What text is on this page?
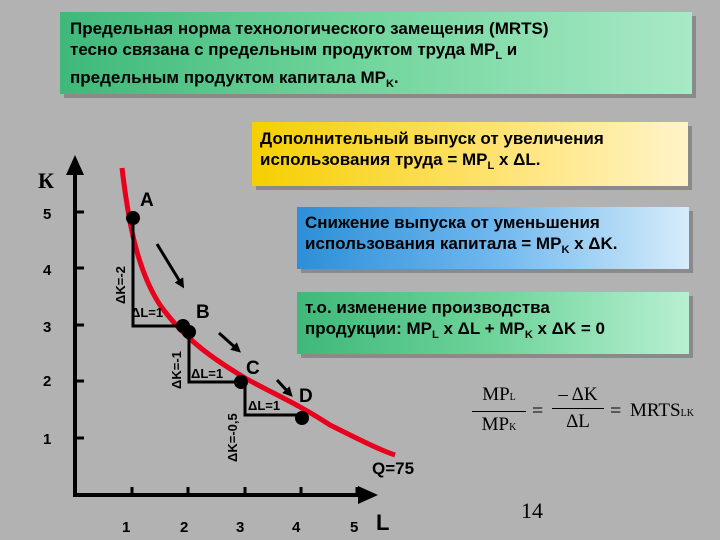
Предельная норма технологического замещения (MRTS)
тесно связана с предельным продуктом труда $MP_L$ и
предельным продуктом капитала $MP_K$.
Дополнительный выпуск от увеличения
использования труда = $MP_L$ x ΔL.
Снижение выпуска от уменьшения
использования капитала = $MP_K$ x ΔK.
т.о. изменение производства
продукции: $MP_L$ x $\Delta L + MP_K$ x ΔK = 0
5
4
3
2
1
1	2	3	4	5
К
L
Q=75
A
B
C
D
ΔK=-2
ΔL=1
ΔK=-1 ΔL=1
ΔK=-0,5
ΔL=1
MPL
MPK
=
– ΔK
ΔL	= MRTSLK
14
